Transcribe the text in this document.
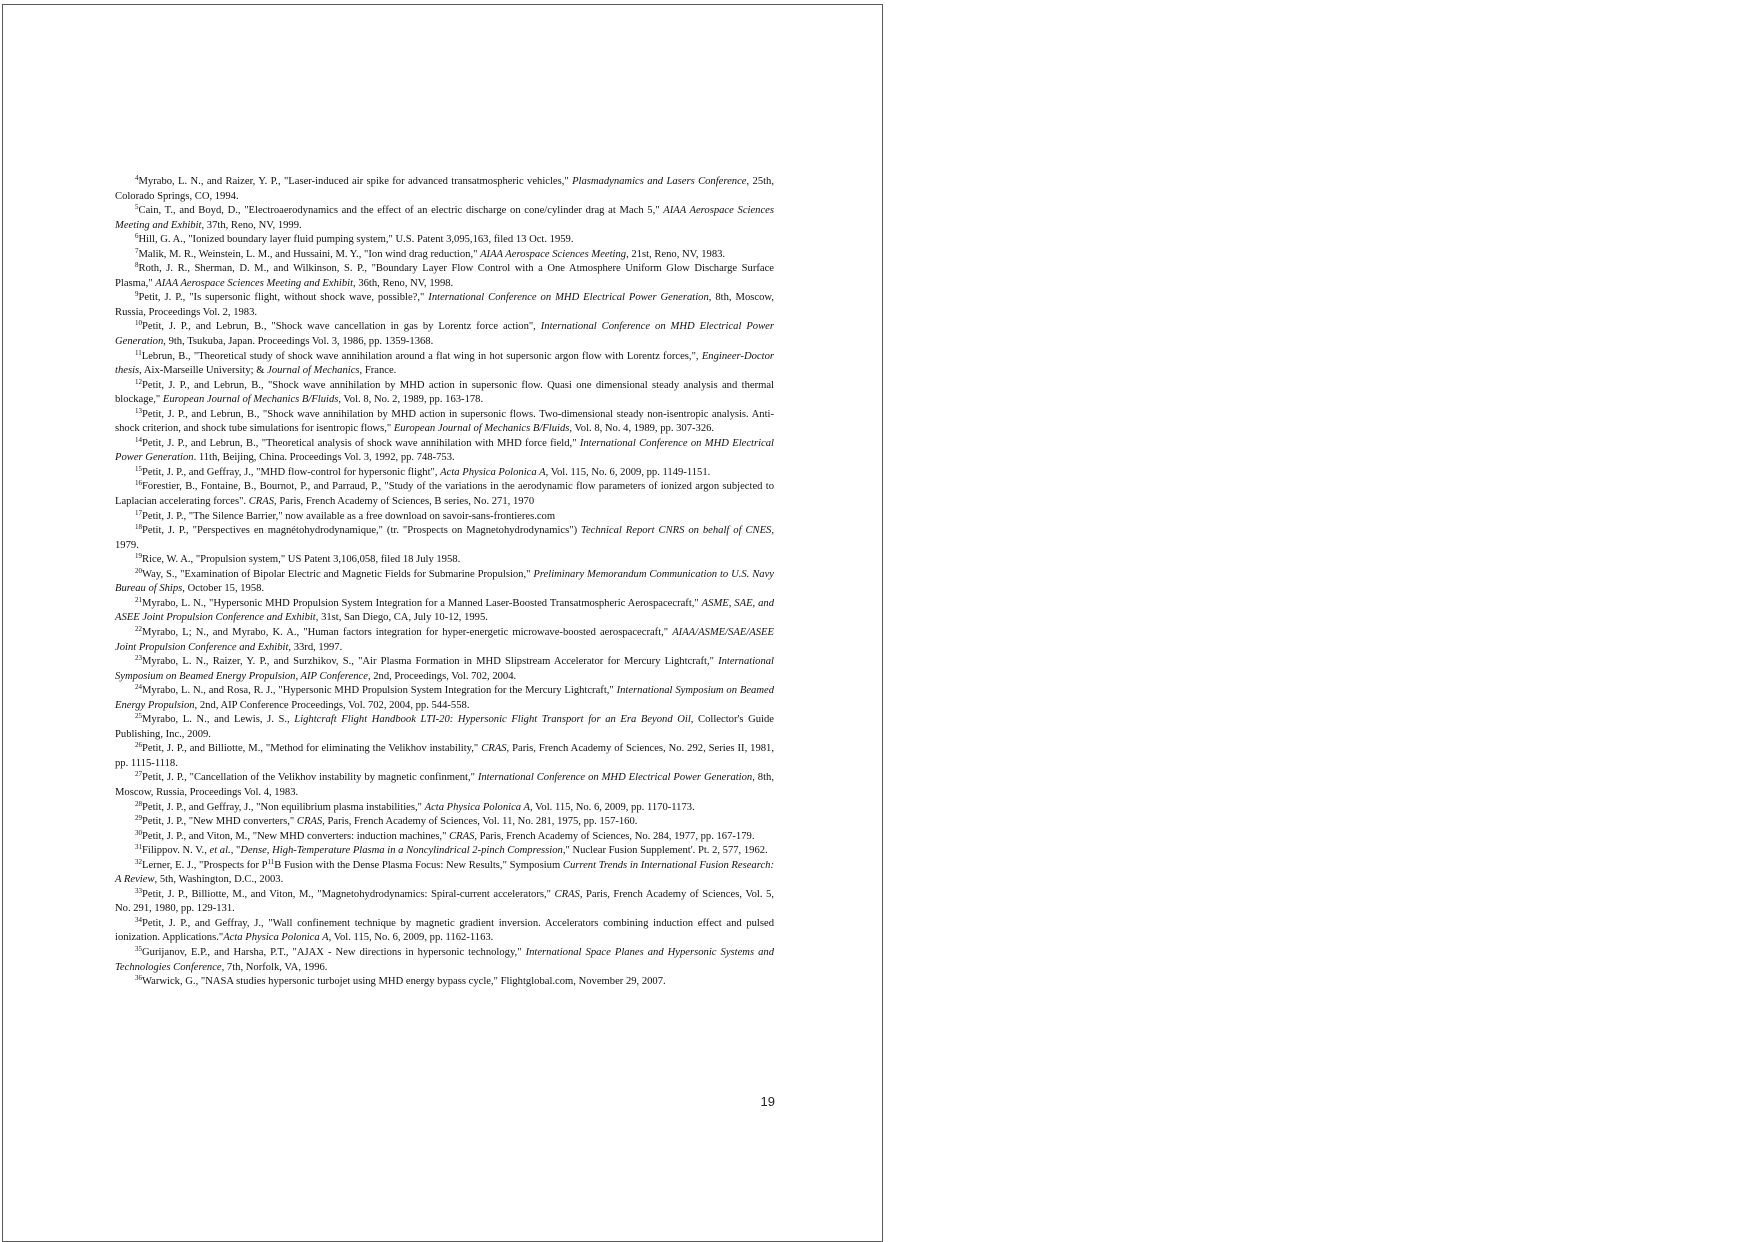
$^4$Myrabo, L. N., and Raizer, Y. P., "Laser-induced air spike for advanced transatmospheric vehicles," Plasmadynamics and Lasers Conference, 25th, Colorado Springs, CO, 1994.

$^5$Cain, T., and Boyd, D., "Electroaerodynamics and the effect of an electric discharge on cone/cylinder drag at Mach 5," AIAA Aerospace Sciences Meeting and Exhibit, 37th, Reno, NV, 1999.

$^6$Hill, G. A., "Ionized boundary layer fluid pumping system," U.S. Patent 3,095,163, filed 13 Oct. 1959.

$^7$Malik, M. R., Weinstein, L. M., and Hussaini, M. Y., "Ion wind drag reduction," AIAA Aerospace Sciences Meeting, 21st, Reno, NV, 1983.

$^8$Roth, J. R., Sherman, D. M., and Wilkinson, S. P., "Boundary Layer Flow Control with a One Atmosphere Uniform Glow Discharge Surface Plasma," AIAA Aerospace Sciences Meeting and Exhibit, 36th, Reno, NV, 1998.

$^9$Petit, J. P., "Is supersonic flight, without shock wave, possible?," International Conference on MHD Electrical Power Generation, 8th, Moscow, Russia, Proceedings Vol. 2, 1983.

$^{10}$Petit, J. P., and Lebrun, B., "Shock wave cancellation in gas by Lorentz force action", International Conference on MHD Electrical Power Generation, 9th, Tsukuba, Japan. Proceedings Vol. 3, 1986, pp. 1359-1368.

$^{11}$Lebrun, B., "Theoretical study of shock wave annihilation around a flat wing in hot supersonic argon flow with Lorentz forces,", Engineer-Doctor thesis, Aix-Marseille University; & Journal of Mechanics, France.

$^{12}$Petit, J. P., and Lebrun, B., "Shock wave annihilation by MHD action in supersonic flow. Quasi one dimensional steady analysis and thermal blockage," European Journal of Mechanics B/Fluids, Vol. 8, No. 2, 1989, pp. 163-178.

$^{13}$Petit, J. P., and Lebrun, B., "Shock wave annihilation by MHD action in supersonic flows. Two-dimensional steady non-isentropic analysis. Anti-shock criterion, and shock tube simulations for isentropic flows," European Journal of Mechanics B/Fluids, Vol. 8, No. 4, 1989, pp. 307-326.

$^{14}$Petit, J. P., and Lebrun, B., "Theoretical analysis of shock wave annihilation with MHD force field," International Conference on MHD Electrical Power Generation. 11th, Beijing, China. Proceedings Vol. 3, 1992, pp. 748-753.

$^{15}$Petit, J. P., and Geffray, J., "MHD flow-control for hypersonic flight", Acta Physica Polonica A, Vol. 115, No. 6, 2009, pp. 1149-1151.

$^{16}$Forestier, B., Fontaine, B., Bournot, P., and Parraud, P., "Study of the variations in the aerodynamic flow parameters of ionized argon subjected to Laplacian accelerating forces". CRAS, Paris, French Academy of Sciences, B series, No. 271, 1970

$^{17}$Petit, J. P., "The Silence Barrier," now available as a free download on savoir-sans-frontieres.com

$^{18}$Petit, J. P., "Perspectives en magnétohydrodynamique," (tr. "Prospects on Magnetohydrodynamics") Technical Report CNRS on behalf of CNES, 1979.

$^{19}$Rice, W. A., "Propulsion system," US Patent 3,106,058, filed 18 July 1958.

$^{20}$Way, S., "Examination of Bipolar Electric and Magnetic Fields for Submarine Propulsion," Preliminary Memorandum Communication to U.S. Navy Bureau of Ships, October 15, 1958.

$^{21}$Myrabo, L. N., "Hypersonic MHD Propulsion System Integration for a Manned Laser-Boosted Transatmospheric Aerospacecraft," ASME, SAE, and ASEE Joint Propulsion Conference and Exhibit, 31st, San Diego, CA, July 10-12, 1995.

$^{22}$Myrabo, L; N., and Myrabo, K. A., "Human factors integration for hyper-energetic microwave-boosted aerospacecraft," AIAA/ASME/SAE/ASEE Joint Propulsion Conference and Exhibit, 33rd, 1997.

$^{23}$Myrabo, L. N., Raizer, Y. P., and Surzhikov, S., "Air Plasma Formation in MHD Slipstream Accelerator for Mercury Lightcraft," International Symposium on Beamed Energy Propulsion, AIP Conference, 2nd, Proceedings, Vol. 702, 2004.

$^{24}$Myrabo, L. N., and Rosa, R. J., "Hypersonic MHD Propulsion System Integration for the Mercury Lightcraft," International Symposium on Beamed Energy Propulsion, 2nd, AIP Conference Proceedings, Vol. 702, 2004, pp. 544-558.

$^{25}$Myrabo, L. N., and Lewis, J. S., Lightcraft Flight Handbook LTI-20: Hypersonic Flight Transport for an Era Beyond Oil, Collector's Guide Publishing, Inc., 2009.

$^{26}$Petit, J. P., and Billiotte, M., "Method for eliminating the Velikhov instability," CRAS, Paris, French Academy of Sciences, No. 292, Series II, 1981, pp. 1115-1118.

$^{27}$Petit, J. P., "Cancellation of the Velikhov instability by magnetic confinment," International Conference on MHD Electrical Power Generation, 8th, Moscow, Russia, Proceedings Vol. 4, 1983.

$^{28}$Petit, J. P., and Geffray, J., "Non equilibrium plasma instabilities," Acta Physica Polonica A, Vol. 115, No. 6, 2009, pp. 1170-1173.

$^{29}$Petit, J. P., "New MHD converters," CRAS, Paris, French Academy of Sciences, Vol. 11, No. 281, 1975, pp. 157-160.

$^{30}$Petit, J. P., and Viton, M., "New MHD converters: induction machines," CRAS, Paris, French Academy of Sciences, No. 284, 1977, pp. 167-179.

$^{31}$Filippov. N. V., et al., "Dense, High-Temperature Plasma in a Noncylindrical 2-pinch Compression," Nuclear Fusion Supplement'. Pt. 2, 577, 1962.

$^{32}$Lerner, E. J., "Prospects for $P^{11}B$ Fusion with the Dense Plasma Focus: New Results," Symposium Current Trends in International Fusion Research: A Review, 5th, Washington, D.C., 2003.

$^{33}$Petit, J. P., Billiotte, M., and Viton, M., "Magnetohydrodynamics: Spiral-current accelerators," CRAS, Paris, French Academy of Sciences, Vol. 5, No. 291, 1980, pp. 129-131.

$^{34}$Petit, J. P., and Geffray, J., "Wall confinement technique by magnetic gradient inversion. Accelerators combining induction effect and pulsed ionization. Applications."Acta Physica Polonica A, Vol. 115, No. 6, 2009, pp. 1162-1163.

$^{35}$Gurijanov, E.P., and Harsha, P.T., "AJAX - New directions in hypersonic technology," International Space Planes and Hypersonic Systems and Technologies Conference, 7th, Norfolk, VA, 1996.

$^{36}$Warwick, G., "NASA studies hypersonic turbojet using MHD energy bypass cycle," Flightglobal.com, November 29, 2007.

19
